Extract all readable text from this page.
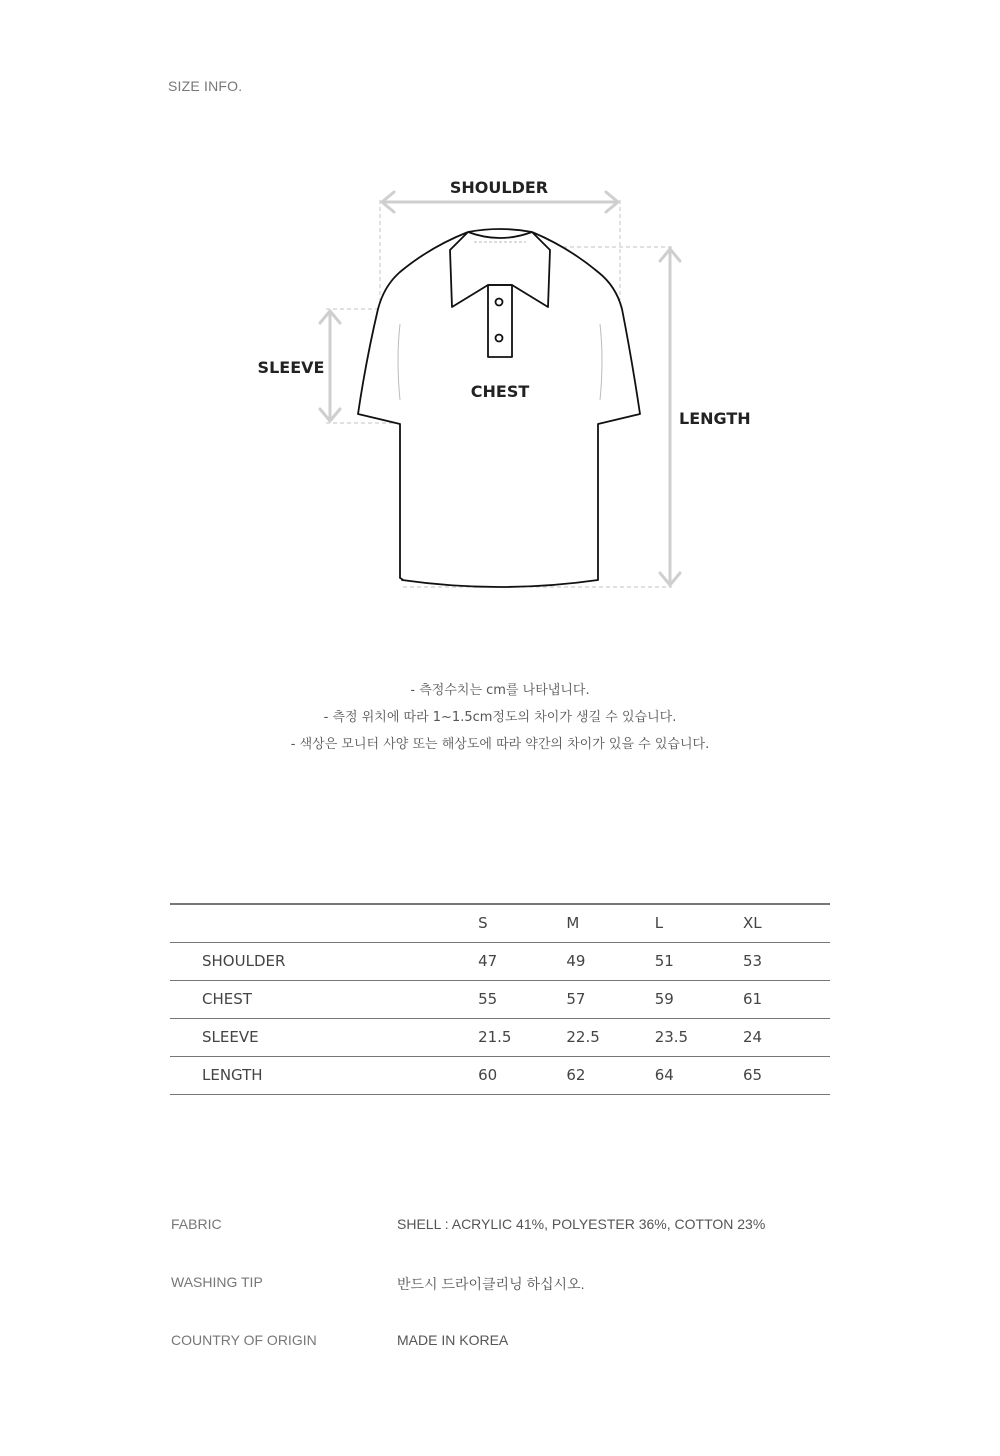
SIZE INFO.
SHOULDER
SLEEVE
CHEST
LENGTH
- 측정수치는 cm를 나타냅니다.
- 측정 위치에 따라 1~1.5cm정도의 차이가 생길 수 있습니다.
- 색상은 모니터 사양 또는 해상도에 따라 약간의 차이가 있을 수 있습니다.
	S	M	L	XL
SHOULDER	47	49	51	53
CHEST	55	57	59	61
SLEEVE	21.5	22.5	23.5	24
LENGTH	60	62	64	65
FABRIC	SHELL : ACRYLIC 41%, POLYESTER 36%, COTTON 23%
WASHING TIP	반드시 드라이클리닝 하십시오.
COUNTRY OF ORIGIN	MADE IN KOREA
